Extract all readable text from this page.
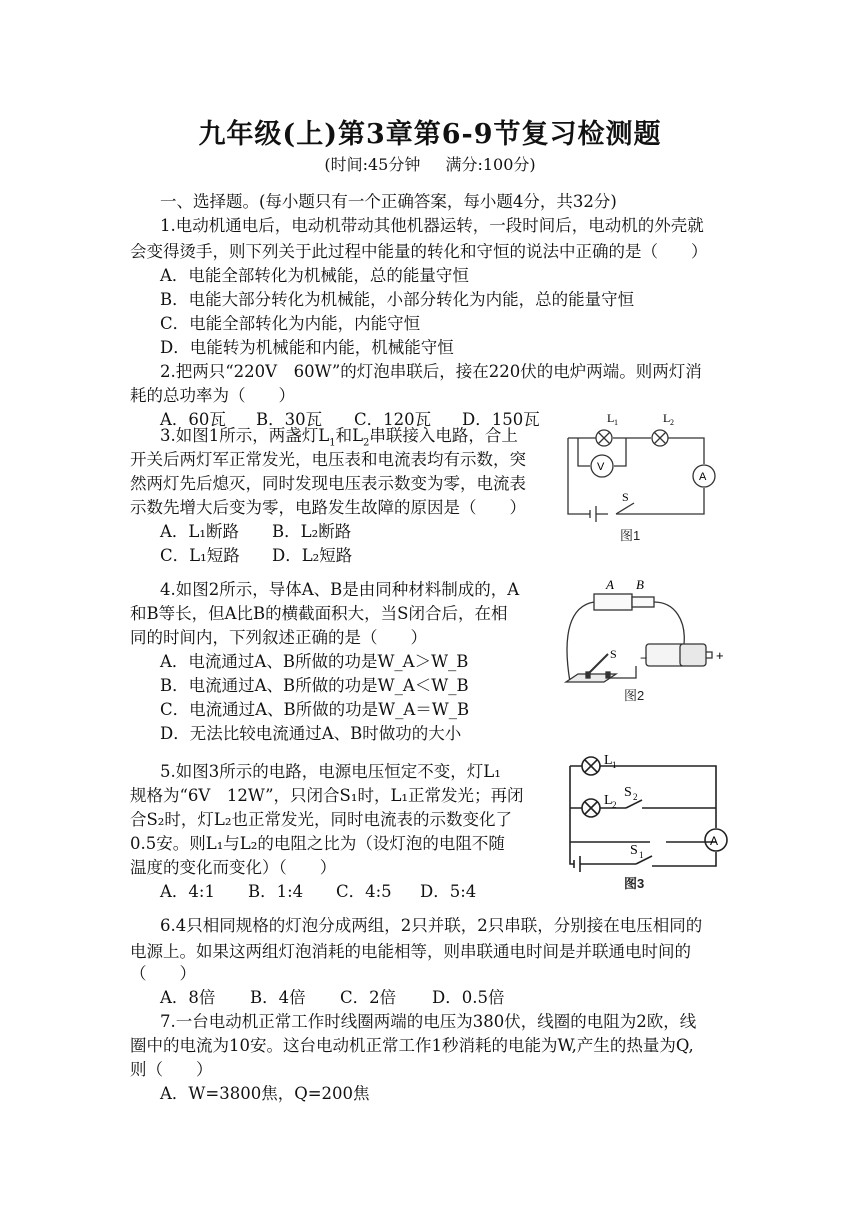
九年级(上)第3章第6-9节复习检测题
(时间:45分钟 满分:100分)
一、选择题。(每小题只有一个正确答案，每小题4分，共32分)
1.电动机通电后，电动机带动其他机器运转，一段时间后，电动机的外壳就
会变得烫手，则下列关于此过程中能量的转化和守恒的说法中正确的是（　　）
A．电能全部转化为机械能，总的能量守恒
B．电能大部分转化为机械能，小部分转化为内能，总的能量守恒
C．电能全部转化为内能，内能守恒
D．电能转为机械能和内能，机械能守恒
2.把两只“220V　60W”的灯泡串联后，接在220伏的电炉两端。则两灯消
耗的总功率为（　　）
A．60瓦 B．30瓦 C．120瓦 D．150瓦
3.如图1所示，两盏灯$L_1$和$L_2$串联接入电路，合上
开关后两灯军正常发光，电压表和电流表均有示数，突
然两灯先后熄灭，同时发现电压表示数变为零，电流表
示数先增大后变为零，电路发生故障的原因是（　　）
A．L₁断路 B．L₂断路
C．L₁短路 D．L₂短路
L 1	L 2
V
A
S
图1
4.如图2所示，导体A、B是由同种材料制成的，A
和B等长，但A比B的横截面积大，当S闭合后，在相
同的时间内，下列叙述正确的是（　　）
A．电流通过A、B所做的功是W_A＞W_B
B．电流通过A、B所做的功是W_A＜W_B
C．电流通过A、B所做的功是W_A＝W_B
D．无法比较电流通过A、B时做功的大小
A B
S −	+
图2
5.如图3所示的电路，电源电压恒定不变，灯L₁
规格为“6V　12W”，只闭合S₁时，L₁正常发光；再闭
合S₂时，灯L₂也正常发光，同时电流表的示数变化了
0.5安。则L₁与L₂的电阻之比为（设灯泡的电阻不随
温度的变化而变化）（　　）
A．4:1 B．1:4 C．4:5 D．5:4
L 1
L 2
S 2
S 1
A
图3
6.4只相同规格的灯泡分成两组，2只并联，2只串联，分别接在电压相同的
电源上。如果这两组灯泡消耗的电能相等，则串联通电时间是并联通电时间的
（　　）
A．8倍 B．4倍 C．2倍 D．0.5倍
7.一台电动机正常工作时线圈两端的电压为380伏，线圈的电阻为2欧，线
圈中的电流为10安。这台电动机正常工作1秒消耗的电能为W,产生的热量为Q,
则（　　）
A．W=3800焦，Q=200焦
